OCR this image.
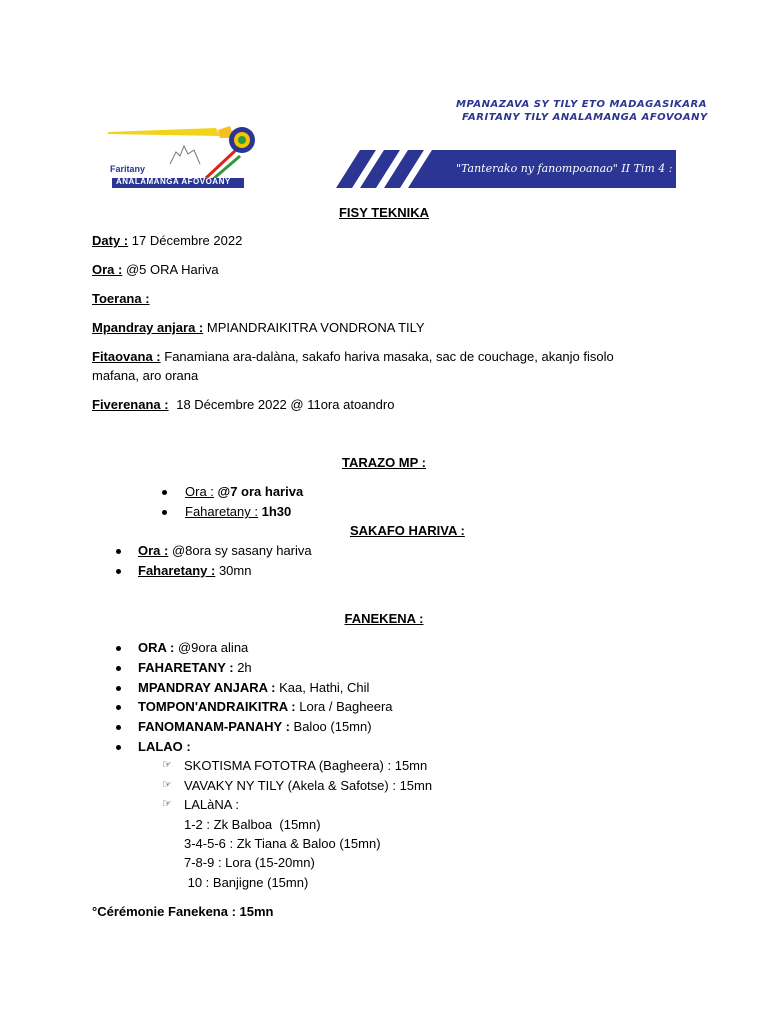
Faritany
ANALAMANGA AFOVOANY
MPANAZAVA SY TILY ETO MADAGASIKARA
FARITANY TILY ANALAMANGA AFOVOANY
"Tanterako ny fanompoanao" II Tim 4 : 5 e
FISY TEKNIKA
Daty : 17 Décembre 2022
Ora : @5 ORA Hariva
Toerana :
Mpandray anjara : MPIANDRAIKITRA VONDRONA TILY
Fitaovana : Fanamiana ara-dalàna, sakafo hariva masaka, sac de couchage, akanjo fisolo
mafana, aro orana
Fiverenana : 18 Décembre 2022 @ 11ora atoandro
TARAZO MP :
Ora : @7 ora hariva
Faharetany : 1h30
SAKAFO HARIVA :
Ora : @8ora sy sasany hariva
Faharetany : 30mn
FANEKENA :
ORA : @9ora alina
FAHARETANY : 2h
MPANDRAY ANJARA : Kaa, Hathi, Chil
TOMPON'ANDRAIKITRA : Lora / Bagheera
FANOMANAM-PANAHY : Baloo (15mn)
LALAO :
☞ SKOTISMA FOTOTRA (Bagheera) : 15mn
☞ VAVAKY NY TILY (Akela & Safotse) : 15mn
☞ LALàNA :
1-2 : Zk Balboa  (15mn)
3-4-5-6 : Zk Tiana & Baloo (15mn)
7-8-9 : Lora (15-20mn)
10 : Banjigne (15mn)
°Cérémonie Fanekena : 15mn
